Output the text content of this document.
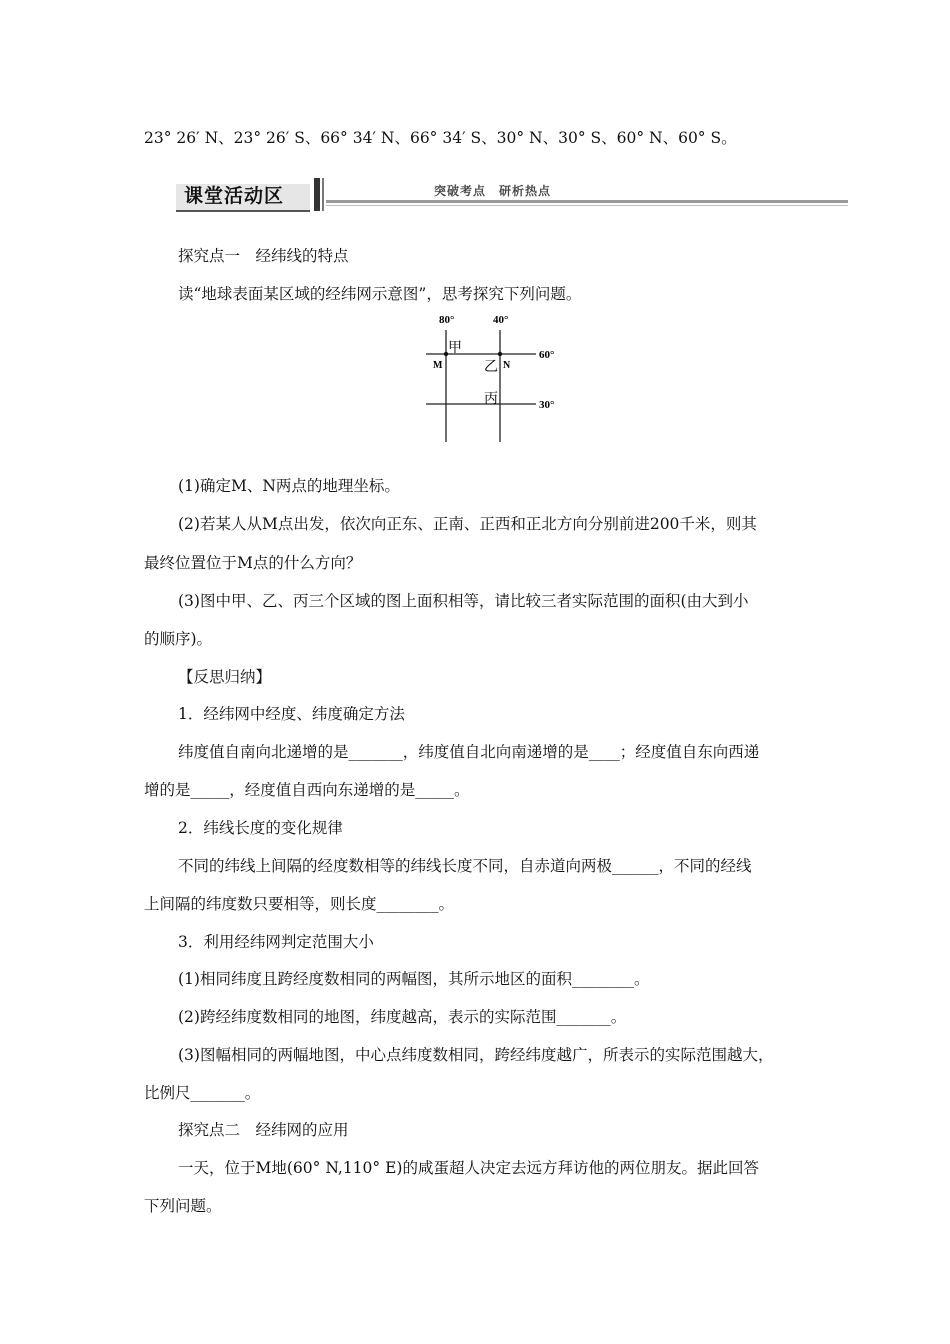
23° 26′ N、23° 26′ S、66° 34′ N、66° 34′ S、30° N、30° S、60° N、60° S。
课堂活动区	突破考点　研析热点
探究点一　经纬线的特点
读“地球表面某区域的经纬网示意图”，思考探究下列问题。
80°	40°
60°
30°
M	N
甲
乙
丙
(1)确定M、N两点的地理坐标。
(2)若某人从M点出发，依次向正东、正南、正西和正北方向分别前进200千米，则其
最终位置位于M点的什么方向？
(3)图中甲、乙、丙三个区域的图上面积相等，请比较三者实际范围的面积(由大到小
的顺序)。
【反思归纳】
1．经纬网中经度、纬度确定方法
纬度值自南向北递增的是_______，纬度值自北向南递增的是____；经度值自东向西递
增的是_____，经度值自西向东递增的是_____。
2．纬线长度的变化规律
不同的纬线上间隔的经度数相等的纬线长度不同，自赤道向两极______，不同的经线
上间隔的纬度数只要相等，则长度________。
3．利用经纬网判定范围大小
(1)相同纬度且跨经度数相同的两幅图，其所示地区的面积________。
(2)跨经纬度数相同的地图，纬度越高，表示的实际范围_______。
(3)图幅相同的两幅地图，中心点纬度数相同，跨经纬度越广，所表示的实际范围越大，
比例尺_______。
探究点二　经纬网的应用
一天，位于M地(60° N,110° E)的咸蛋超人决定去远方拜访他的两位朋友。据此回答
下列问题。
